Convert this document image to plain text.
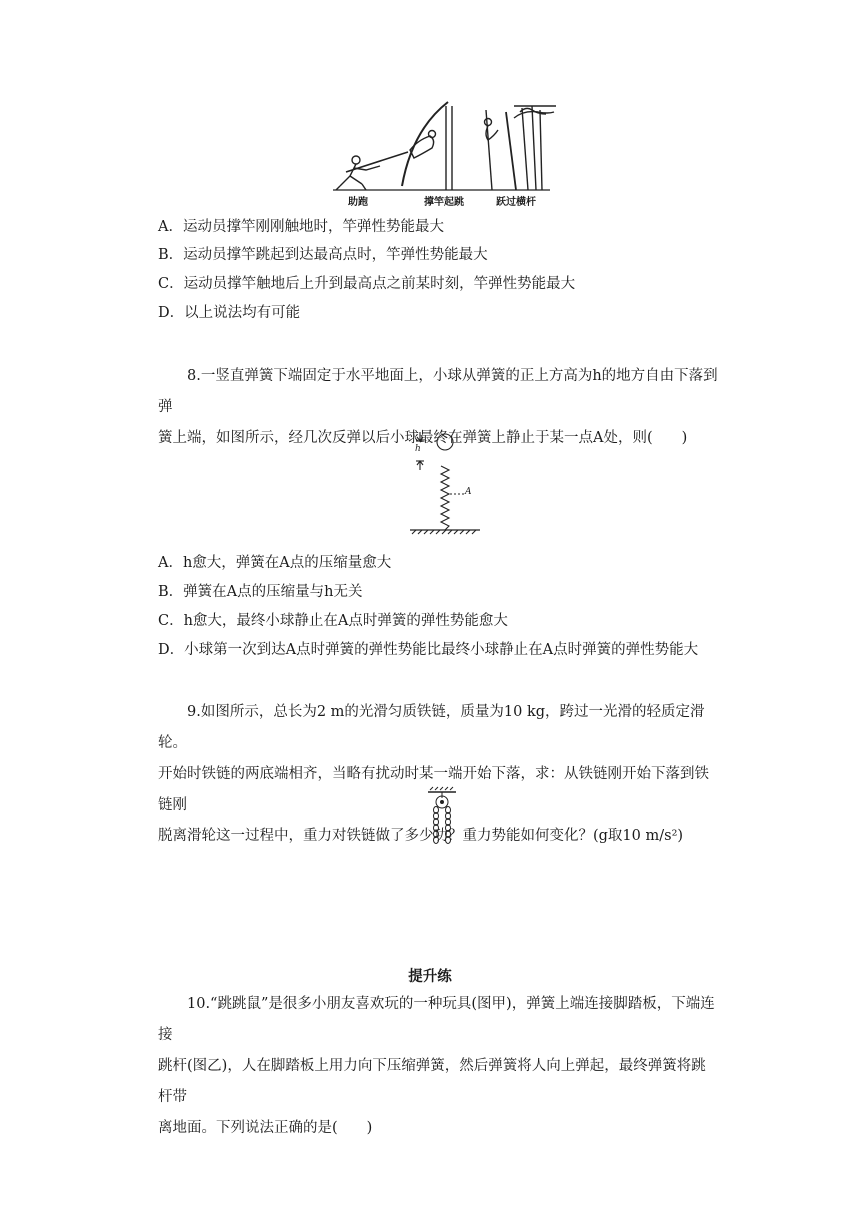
助跑	撑竿起跳	跃过横杆
A．运动员撑竿刚刚触地时，竿弹性势能最大
B．运动员撑竿跳起到达最高点时，竿弹性势能最大
C．运动员撑竿触地后上升到最高点之前某时刻，竿弹性势能最大
D．以上说法均有可能

8.一竖直弹簧下端固定于水平地面上，小球从弹簧的正上方高为h的地方自由下落到弹

簧上端，如图所示，经几次反弹以后小球最终在弹簧上静止于某一点A处，则(　　)

h
A
A．h愈大，弹簧在A点的压缩量愈大
B．弹簧在A点的压缩量与h无关
C．h愈大，最终小球静止在A点时弹簧的弹性势能愈大
D．小球第一次到达A点时弹簧的弹性势能比最终小球静止在A点时弹簧的弹性势能大

9.如图所示，总长为2 m的光滑匀质铁链，质量为10 kg，跨过一光滑的轻质定滑轮。

开始时铁链的两底端相齐，当略有扰动时某一端开始下落，求：从铁链刚开始下落到铁链刚

脱离滑轮这一过程中，重力对铁链做了多少功？重力势能如何变化？(g取10 m/s²)

提升练

10.“跳跳鼠”是很多小朋友喜欢玩的一种玩具(图甲)，弹簧上端连接脚踏板，下端连接

跳杆(图乙)，人在脚踏板上用力向下压缩弹簧，然后弹簧将人向上弹起，最终弹簧将跳杆带

离地面。下列说法正确的是(　　)
